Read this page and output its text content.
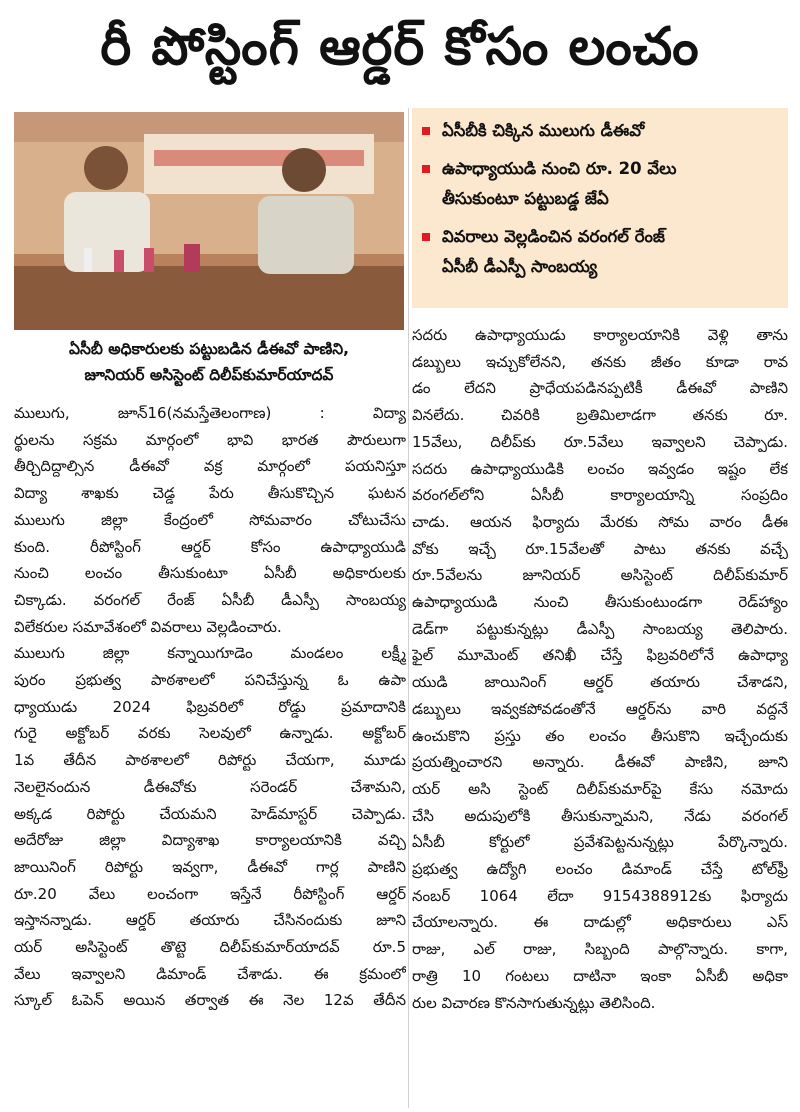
రీ పోస్టింగ్ ఆర్డర్ కోసం లంచం
ఏసీబీ అధికారులకు పట్టుబడిన డీఈవో పాణిని,
జూనియర్ అసిస్టెంట్ దిలీప్‌కుమార్‌యాదవ్
ఏసీబీకి చిక్కిన ములుగు డీఈవో
ఉపాధ్యాయుడి నుంచి రూ. 20 వేలు
తీసుకుంటూ పట్టుబడ్డ జేఏ
వివరాలు వెల్లడించిన వరంగల్ రేంజ్
ఏసీబీ డీఎస్పీ సాంబయ్య
ములుగు, జూన్16(నమస్తేతెలంగాణ) : విద్యా
ర్థులను సక్రమ మార్గంలో భావి భారత పౌరులుగా
తీర్చిదిద్దాల్సిన డీఈవో వక్ర మార్గంలో పయనిస్తూ
విద్యా శాఖకు చెడ్డ పేరు తీసుకొచ్చిన ఘటన
ములుగు జిల్లా కేంద్రంలో సోమవారం చోటుచేసు
కుంది. రీపోస్టింగ్ ఆర్డర్ కోసం ఉపాధ్యాయుడి
నుంచి లంచం తీసుకుంటూ ఏసీబీ అధికారులకు
చిక్కాడు. వరంగల్ రేంజ్ ఏసీబీ డీఎస్పీ సాంబయ్య
విలేకరుల సమావేశంలో వివరాలు వెల్లడించారు.
ములుగు జిల్లా కన్నాయిగూడెం మండలం లక్ష్మీ
పురం ప్రభుత్వ పాఠశాలలో పనిచేస్తున్న ఓ ఉపా
ధ్యాయుడు 2024 ఫిబ్రవరిలో రోడ్డు ప్రమాదానికి
గురై అక్టోబర్ వరకు సెలవులో ఉన్నాడు. అక్టోబర్
1వ తేదీన పాఠశాలలో రిపోర్టు చేయగా, మూడు
నెలలైనందున డీఈవోకు సరెండర్ చేశామని,
అక్కడ రిపోర్టు చేయమని హెడ్‌మాస్టర్ చెప్పాడు.
అదేరోజు జిల్లా విద్యాశాఖ కార్యాలయానికి వచ్చి
జాయినింగ్ రిపోర్టు ఇవ్వగా, డీఈవో గార్ల పాణిని
రూ.20 వేలు లంచంగా ఇస్తేనే రీపోస్టింగ్ ఆర్డర్
ఇస్తానన్నాడు. ఆర్డర్ తయారు చేసినందుకు జూని
యర్ అసిస్టెంట్ తొట్టె దిలీప్‌కుమార్‌యాదవ్ రూ.5
వేలు ఇవ్వాలని డిమాండ్ చేశాడు. ఈ క్రమంలో
స్కూల్ ఓపెన్ అయిన తర్వాత ఈ నెల 12వ తేదీన
సదరు ఉపాధ్యాయుడు కార్యాలయానికి వెళ్లి తాను
డబ్బులు ఇచ్చుకోలేనని, తనకు జీతం కూడా రావ
డం లేదని ప్రాధేయపడినప్పటికీ డీఈవో పాణిని
వినలేదు. చివరికి బ్రతిమిలాడగా తనకు రూ.
15వేలు, దిలీప్‌కు రూ.5వేలు ఇవ్వాలని చెప్పాడు.
సదరు ఉపాధ్యాయుడికి లంచం ఇవ్వడం ఇష్టం లేక
వరంగల్‌లోని ఏసీబీ కార్యాలయాన్ని సంప్రదిం
చాడు. ఆయన ఫిర్యాదు మేరకు సోమ వారం డీఈ
వోకు ఇచ్చే రూ.15వేలతో పాటు తనకు వచ్చే
రూ.5వేలను జూనియర్ అసిస్టెంట్ దిలీప్‌కుమార్
ఉపాధ్యాయుడి నుంచి తీసుకుంటుండగా రెడ్‌హ్యాం
డెడ్‌గా పట్టుకున్నట్లు డీఎస్పీ సాంబయ్య తెలిపారు.
ఫైల్ మూమెంట్ తనిఖీ చేస్తే ఫిబ్రవరిలోనే ఉపాధ్యా
యుడి జాయినింగ్ ఆర్డర్ తయారు చేశాడని,
డబ్బులు ఇవ్వకపోవడంతోనే ఆర్డర్‌ను వారి వద్దనే
ఉంచుకొని ప్రస్తు తం లంచం తీసుకొని ఇచ్చేందుకు
ప్రయత్నించారని అన్నారు. డీఈవో పాణిని, జూని
యర్ అసి స్టెంట్ దిలీప్‌కుమార్‌పై కేసు నమోదు
చేసి అదుపులోకి తీసుకున్నామని, నేడు వరంగల్
ఏసీబీ కోర్టులో ప్రవేశపెట్టనున్నట్లు పేర్కొన్నారు.
ప్రభుత్వ ఉద్యోగి లంచం డిమాండ్ చేస్తే టోల్‌ఫ్రీ
నంబర్ 1064 లేదా 9154388912కు ఫిర్యాదు
చేయాలన్నారు. ఈ దాడుల్లో అధికారులు ఎస్
రాజు, ఎల్ రాజు, సిబ్బంది పాల్గొన్నారు. కాగా,
రాత్రి 10 గంటలు దాటినా ఇంకా ఏసీబీ అధికా
రుల విచారణ కొనసాగుతున్నట్లు తెలిసింది.
